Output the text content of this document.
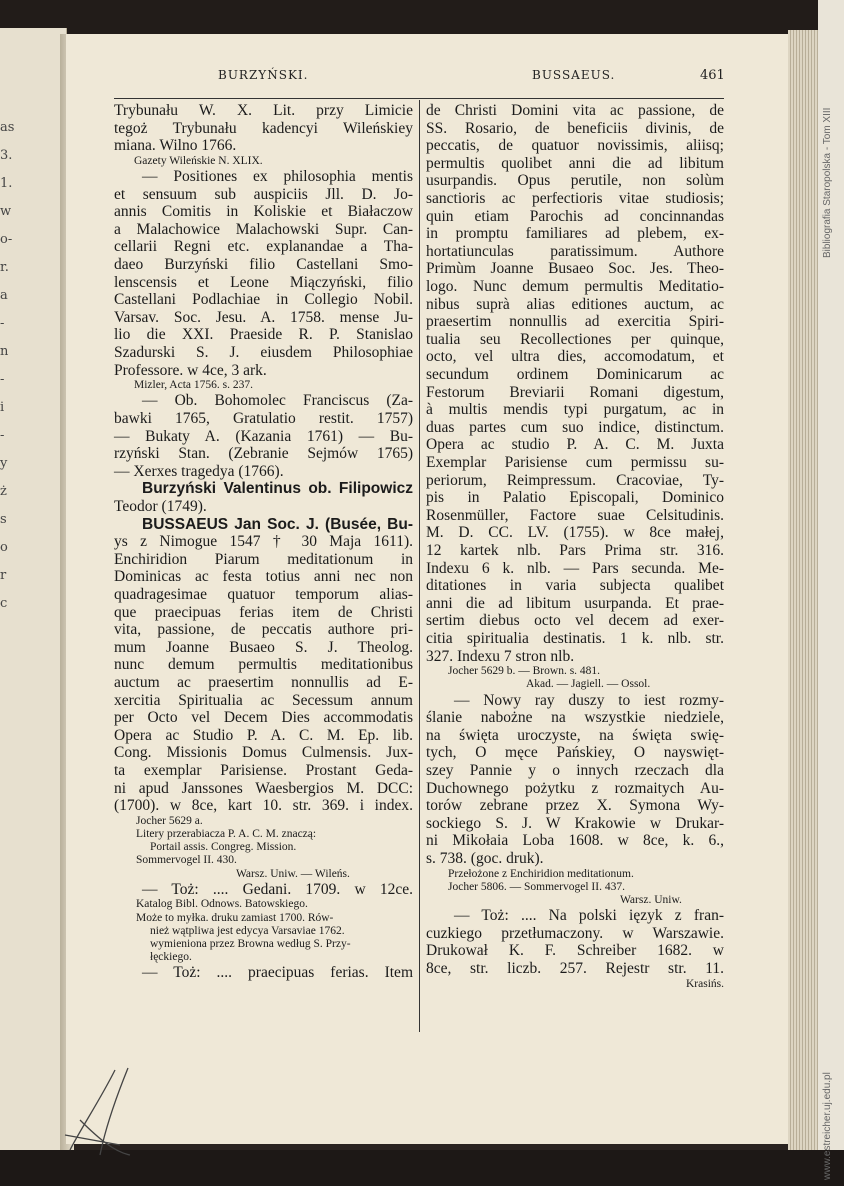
as
3.
1.
w
o-
r.
a
-
n
-
i
-
y
ż
s
o
r
c
BURZYŃSKI.	BUSSAEUS.	461
Trybunału W. X. Lit. przy Limicie
tegoż Trybunału kadencyi Wileńskiey
miana. Wilno 1766.
Gazety Wileńskie N. XLIX.
— Positiones ex philosophia mentis
et sensuum sub auspiciis Jll. D. Jo-
annis Comitis in Koliskie et Białaczow
a Malachowice Malachowski Supr. Can-
cellarii Regni etc. explanandae a Tha-
daeo Burzyński filio Castellani Smo-
lenscensis et Leone Miączyński, filio
Castellani Podlachiae in Collegio Nobil.
Varsav. Soc. Jesu. A. 1758. mense Ju-
lio die XXI. Praeside R. P. Stanislao
Szadurski S. J. eiusdem Philosophiae
Professore. w 4ce, 3 ark.
Mizler, Acta 1756. s. 237.
— Ob. Bohomolec Franciscus (Za-
bawki 1765, Gratulatio restit. 1757)
— Bukaty A. (Kazania 1761) — Bu-
rzyński Stan. (Zebranie Sejmów 1765)
— Xerxes tragedya (1766).
Burzyński Valentinus ob. Filipowicz
Teodor (1749).
BUSSAEUS Jan Soc. J. (Busée, Bu-
ys z Nimogue 1547 † 30 Maja 1611).
Enchiridion Piarum meditationum in
Dominicas ac festa totius anni nec non
quadragesimae quatuor temporum alias-
que praecipuas ferias item de Christi
vita, passione, de peccatis authore pri-
mum Joanne Busaeo S. J. Theolog.
nunc demum permultis meditationibus
auctum ac praesertim nonnullis ad E-
xercitia Spiritualia ac Secessum annum
per Octo vel Decem Dies accommodatis
Opera ac Studio P. A. C. M. Ep. lib.
Cong. Missionis Domus Culmensis. Jux-
ta exemplar Parisiense. Prostant Geda-
ni apud Janssones Waesbergios M. DCC:
(1700). w 8ce, kart 10. str. 369. i index.
Jocher 5629 a.
Litery przerabiacza P. A. C. M. znaczą:
Portail assis. Congreg. Mission.
Sommervogel II. 430.
Warsz. Uniw. — Wileńs.
— Toż: .... Gedani. 1709. w 12ce.
Katalog Bibl. Odnows. Batowskiego.
Może to myłka. druku zamiast 1700. Rów-
nież wątpliwa jest edycya Varsaviae 1762.
wymieniona przez Browna według S. Przy-
łęckiego.
— Toż: .... praecipuas ferias. Item
de Christi Domini vita ac passione, de
SS. Rosario, de beneficiis divinis, de
peccatis, de quatuor novissimis, aliisq;
permultis quolibet anni die ad libitum
usurpandis. Opus perutile, non solùm
sanctioris ac perfectioris vitae studiosis;
quin etiam Parochis ad concinnandas
in promptu familiares ad plebem, ex-
hortatiunculas paratissimum. Authore
Primùm Joanne Busaeo Soc. Jes. Theo-
logo. Nunc demum permultis Meditatio-
nibus suprà alias editiones auctum, ac
praesertim nonnullis ad exercitia Spiri-
tualia seu Recollectiones per quinque,
octo, vel ultra dies, accomodatum, et
secundum ordinem Dominicarum ac
Festorum Breviarii Romani digestum,
à multis mendis typi purgatum, ac in
duas partes cum suo indice, distinctum.
Opera ac studio P. A. C. M. Juxta
Exemplar Parisiense cum permissu su-
periorum, Reimpressum. Cracoviae, Ty-
pis in Palatio Episcopali, Dominico
Rosenmüller, Factore suae Celsitudinis.
M. D. CC. LV. (1755). w 8ce małej,
12 kartek nlb. Pars Prima str. 316.
Indexu 6 k. nlb. — Pars secunda. Me-
ditationes in varia subjecta qualibet
anni die ad libitum usurpanda. Et prae-
sertim diebus octo vel decem ad exer-
citia spiritualia destinatis. 1 k. nlb. str.
327. Indexu 7 stron nlb.
Jocher 5629 b. — Brown. s. 481.
Akad. — Jagiell. — Ossol.
— Nowy ray duszy to iest rozmy-
ślanie nabożne na wszystkie niedziele,
na święta uroczyste, na święta swię-
tych, O męce Pańskiey, O nayswięt-
szey Pannie y o innych rzeczach dla
Duchownego pożytku z rozmaitych Au-
torów zebrane przez X. Symona Wy-
sockiego S. J. W Krakowie w Drukar-
ni Mikołaia Loba 1608. w 8ce, k. 6.,
s. 738. (goc. druk).
Przełożone z Enchiridion meditationum.
Jocher 5806. — Sommervogel II. 437.
Warsz. Uniw.
— Toż: .... Na polski ięzyk z fran-
cuzkiego przetłumaczony. w Warszawie.
Drukował K. F. Schreiber 1682. w
8ce, str. liczb. 257. Rejestr str. 11.
Krasińs.
Bibliografia Staropolska - Tom XIII
www.estreicher.uj.edu.pl
